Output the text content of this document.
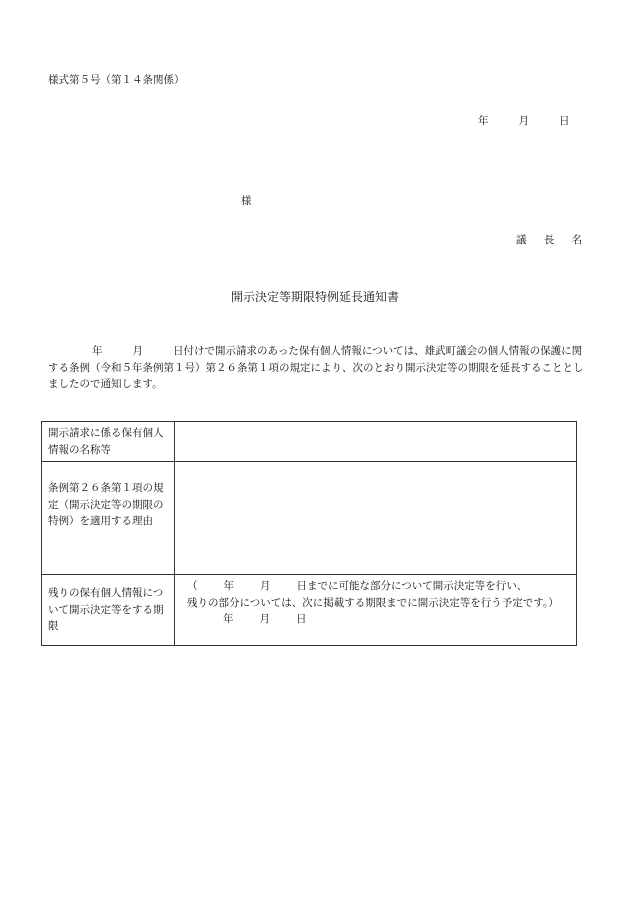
様式第５号（第１４条関係）
年	月	日
様
議 長 名
開示決定等期限特例延長通知書
年	月	日付けで開示請求のあった保有個人情報については、雄武町議会の個人情報の保護に関する条例（令和５年条例第１号）第２６条第１項の規定により、次のとおり開示決定等の期限を延長することとしましたので通知します。
開示請求に係る保有個人情報の名称等	
条例第２６条第１項の規定（開示決定等の期限の特例）を適用する理由	
残りの保有個人情報について開示決定等をする期限	（ 年 月 日までに可能な部分について開示決定等を行い、
残りの部分については、次に掲載する期限までに開示決定等を行う予定です。）
年 月 日
